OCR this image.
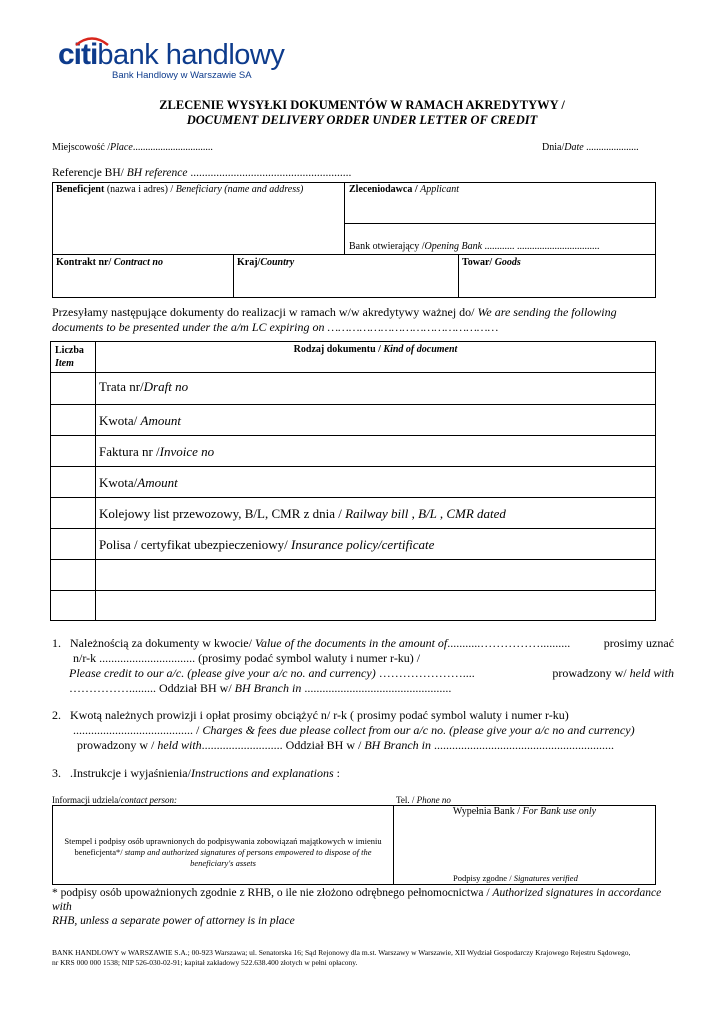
citibank handlowy
Bank Handlowy w Warszawie SA
ZLECENIE WYSYŁKI DOKUMENTÓW W RAMACH AKREDYTYWY /
DOCUMENT DELIVERY ORDER UNDER LETTER OF CREDIT
Miejscowość /Place................................	Dnia/Date .....................
Referencje BH/ BH reference ........................................................
Beneficjent (nazwa i adres) / Beneficiary (name and address)	Zleceniodawca / Applicant
Bank otwierający /Opening Bank ............ .................................
Kontrakt nr/ Contract no	Kraj/Country	Towar/ Goods
Przesyłamy następujące dokumenty do realizacji w ramach w/w akredytywy ważnej do/ We are sending the following
documents to be presented under the a/m LC expiring on …………………………………………
Liczba
Item
Rodzaj dokumentu / Kind of document
Trata nr/Draft no
Kwota/ Amount
Faktura nr /Invoice no
Kwota/Amount
Kolejowy list przewozowy, B/L, CMR z dnia / Railway bill , B/L , CMR dated
Polisa / certyfikat ubezpieczeniowy/ Insurance policy/certificate
1. Należnością za dokumenty w kwocie/ Value of the documents in the amount of...........……………..........	prosimy uznać
n/r-k ................................ (prosimy podać symbol waluty i numer r-ku) /
Please credit to our a/c. (please give your a/c no. and currency) …………………....	prowadzony w/ held with
……………......... Oddział BH w/ BH Branch in .................................................
2. Kwotą należnych prowizji i opłat prosimy obciążyć n/ r-k ( prosimy podać symbol waluty i numer r-ku)
........................................ / Charges & fees due please collect from our a/c no. (please give your a/c no and currency)
prowadzony w / held with........................... Oddział BH w / BH Branch in ............................................................
3. .Instrukcje i wyjaśnienia/Instructions and explanations :
Informacji udziela/contact person:	Tel. / Phone no
Stempel i podpisy osób uprawnionych do podpisywania zobowiązań majątkowych w imieniu beneficjenta*/ stamp and authorized signatures of persons empowered to dispose of the beneficiary's assets
Wypełnia Bank / For Bank use only
Podpisy zgodne / Signatures verified
* podpisy osób upoważnionych zgodnie z RHB, o ile nie złożono odrębnego pełnomocnictwa / Authorized signatures in accordance with
RHB, unless a separate power of attorney is in place
BANK HANDLOWY w WARSZAWIE S.A.; 00-923 Warszawa; ul. Senatorska 16; Sąd Rejonowy dla m.st. Warszawy w Warszawie, XII Wydział Gospodarczy Krajowego Rejestru Sądowego,
nr KRS 000 000 1538; NIP 526-030-02-91; kapitał zakładowy 522.638.400 złotych w pełni opłacony.
